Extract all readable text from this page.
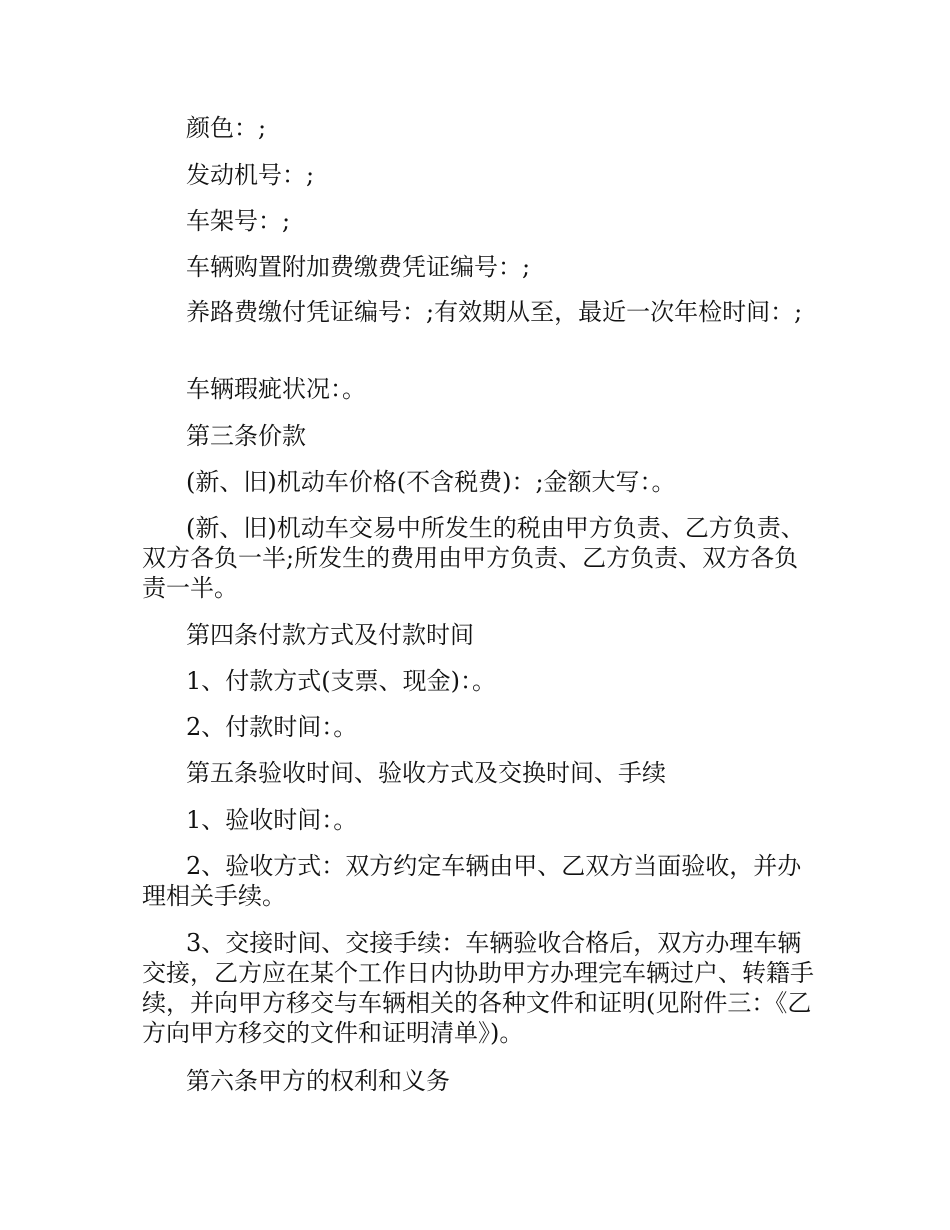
颜色：;

发动机号：;

车架号：;

车辆购置附加费缴费凭证编号：;

养路费缴付凭证编号：;有效期从至，最近一次年检时间：;

车辆瑕疵状况：。

第三条价款

(新、旧)机动车价格(不含税费)：;金额大写：。

(新、旧)机动车交易中所发生的税由甲方负责、乙方负责、双方各负一半;所发生的费用由甲方负责、乙方负责、双方各负责一半。

第四条付款方式及付款时间

1、付款方式(支票、现金)：。

2、付款时间：。

第五条验收时间、验收方式及交换时间、手续

1、验收时间：。

2、验收方式：双方约定车辆由甲、乙双方当面验收，并办理相关手续。

3、交接时间、交接手续：车辆验收合格后，双方办理车辆交接，乙方应在某个工作日内协助甲方办理完车辆过户、转籍手续，并向甲方移交与车辆相关的各种文件和证明(见附件三：《乙方向甲方移交的文件和证明清单》)。

第六条甲方的权利和义务
